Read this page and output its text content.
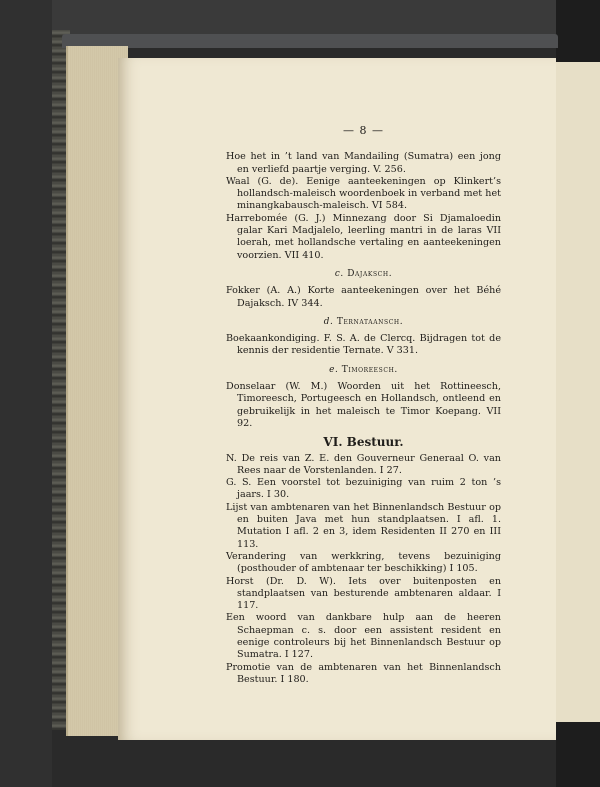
— 8 —
Hoe het in ’t land van Mandailing (Sumatra) een jong en verliefd paartje verging. V. 256.
Waal (G. de). Eenige aanteekeningen op Klinkert’s hollandsch-maleisch woordenboek in verband met het minangkabausch-maleisch. VI 584.
Harrebomée (G. J.) Minnezang door Si Djamaloedin galar Kari Madjalelo, leerling mantri in de laras VII loerah, met hollandsche vertaling en aanteekeningen voorzien. VII 410.
c. Dajaksch.
Fokker (A. A.) Korte aanteekeningen over het Béhé Dajaksch. IV 344.
d. Ternataansch.
Boekaankondiging. F. S. A. de Clercq. Bijdragen tot de kennis der residentie Ternate. V 331.
e. Timoreesch.
Donselaar (W. M.) Woorden uit het Rottineesch, Timoreesch, Portugeesch en Hollandsch, ontleend en gebruikelijk in het maleisch te Timor Koepang. VII 92.
VI. Bestuur.
N. De reis van Z. E. den Gouverneur Generaal O. van Rees naar de Vorstenlanden. I 27.
G. S. Een voorstel tot bezuiniging van ruim 2 ton ’s jaars. I 30.
Lijst van ambtenaren van het Binnenlandsch Bestuur op en buiten Java met hun standplaatsen. I afl. 1. Mutation I afl. 2 en 3, idem Residenten II 270 en III 113.
Verandering van werkkring, tevens bezuiniging (posthouder of ambtenaar ter beschikking) I 105.
Horst (Dr. D. W). Iets over buitenposten en standplaatsen van besturende ambtenaren aldaar. I 117.
Een woord van dankbare hulp aan de heeren Schaepman c. s. door een assistent resident en eenige controleurs bij het Binnenlandsch Bestuur op Sumatra. I 127.
Promotie van de ambtenaren van het Binnenlandsch Bestuur. I 180.
